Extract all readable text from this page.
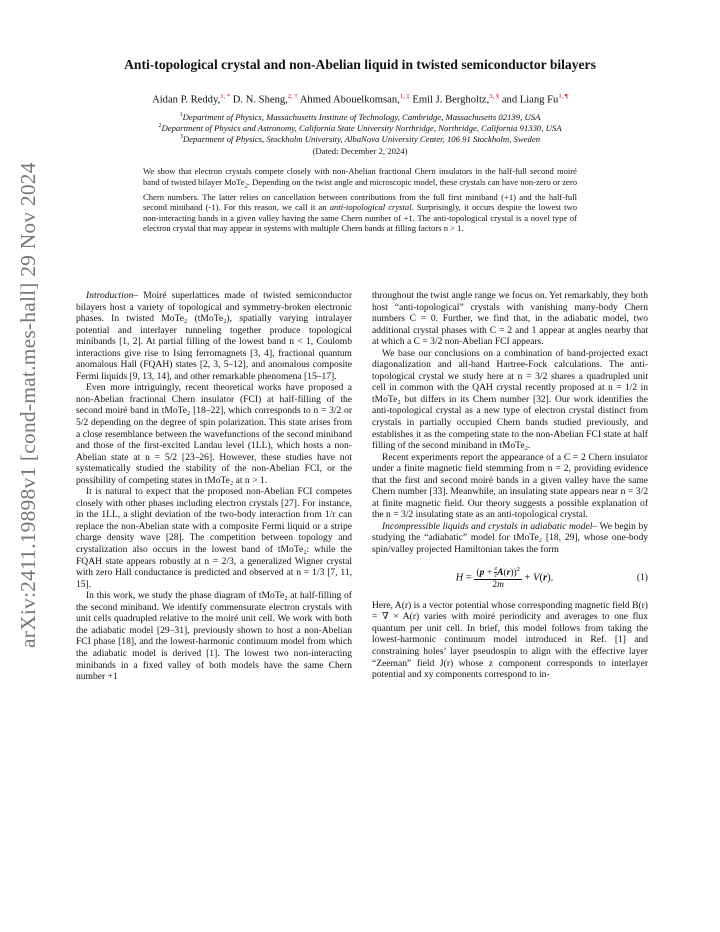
arXiv:2411.19898v1 [cond-mat.mes-hall] 29 Nov 2024
Anti-topological crystal and non-Abelian liquid in twisted semiconductor bilayers
Aidan P. Reddy,$^{1, *}$ D. N. Sheng,$^{2, \dagger}$ Ahmed Abouelkomsan,$^{1, \ddagger}$ Emil J. Bergholtz,$^{3, \S}$ and Liang $Fu^{1, \P}$
$^1$Department of Physics, Massachusetts Institute of Technology, Cambridge, Massachusetts 02139, USA
$^2$Department of Physics and Astronomy, California State University Northridge, Northridge, California 91330, USA
$^3$Department of Physics, Stockholm University, AlbaNova University Center, 106 91 Stockholm, Sweden
(Dated: December 2, 2024)
We show that electron crystals compete closely with non-Abelian fractional Chern insulators in the half-full second moiré band of twisted bilayer MoTe$_2$. Depending on the twist angle and microscopic model, these crystals can have non-zero or zero Chern numbers. The latter relies on cancellation between contributions from the full first miniband (+1) and the half-full second miniband (-1). For this reason, we call it an anti-topological crystal. Surprisingly, it occurs despite the lowest two non-interacting bands in a given valley having the same Chern number of +1. The anti-topological crystal is a novel type of electron crystal that may appear in systems with multiple Chern bands at filling factors n > 1.

Introduction– Moiré superlattices made of twisted semiconductor bilayers host a variety of topological and symmetry-broken electronic phases. In twisted MoTe₂ (tMoTe₂), spatially varying intralayer potential and interlayer tunneling together produce topological minibands [1, 2]. At partial filling of the lowest band n < 1, Coulomb interactions give rise to Ising ferromagnets [3, 4], fractional quantum anomalous Hall (FQAH) states [2, 3, 5–12], and anomalous composite Fermi liquids [9, 13, 14], and other remarkable phenomena [15–17].

Even more intriguingly, recent theoretical works have proposed a non-Abelian fractional Chern insulator (FCI) at half-filling of the second moiré band in tMoTe₂ [18–22], which corresponds to n = 3/2 or 5/2 depending on the degree of spin polarization. This state arises from a close resemblance between the wavefunctions of the second miniband and those of the first-excited Landau level (1LL), which hosts a non-Abelian state at n = 5/2 [23–26]. However, these studies have not systematically studied the stability of the non-Abelian FCI, or the possibility of competing states in tMoTe₂ at n > 1.

It is natural to expect that the proposed non-Abelian FCI competes closely with other phases including electron crystals [27]. For instance, in the 1LL, a slight deviation of the two-body interaction from 1/r can replace the non-Abelian state with a composite Fermi liquid or a stripe charge density wave [28]. The competition between topology and crystalization also occurs in the lowest band of tMoTe₂: while the FQAH state appears robustly at n = 2/3, a generalized Wigner crystal with zero Hall conductance is predicted and observed at n = 1/3 [7, 11, 15].

In this work, we study the phase diagram of tMoTe₂ at half-filling of the second miniband. We identify commensurate electron crystals with unit cells quadrupled relative to the moiré unit cell. We work with both the adiabatic model [29–31], previously shown to host a non-Abelian FCI phase [18], and the lowest-harmonic continuum model from which the adiabatic model is derived [1]. The lowest two non-interacting minibands in a fixed valley of both models have the same Chern number +1

throughout the twist angle range we focus on. Yet remarkably, they both host “anti-topological” crystals with vanishing many-body Chern numbers C = 0. Further, we find that, in the adiabatic model, two additional crystal phases with C = 2 and 1 appear at angles nearby that at which a C = 3/2 non-Abelian FCI appears.

We base our conclusions on a combination of band-projected exact diagonalization and all-band Hartree-Fock calculations. The anti-topological crystal we study here at n = 3/2 shares a quadrupled unit cell in common with the QAH crystal recently proposed at n = 1/2 in tMoTe₂ but differs in its Chern number [32]. Our work identifies the anti-topological crystal as a new type of electron crystal distinct from crystals in partially occupied Chern bands studied previously, and establishes it as the competing state to the non-Abelian FCI state at half filling of the second miniband in tMoTe₂.

Recent experiments report the appearance of a C = 2 Chern insulator under a finite magnetic field stemming from n = 2, providing evidence that the first and second moiré bands in a given valley have the same Chern number [33]. Meanwhile, an insulating state appears near n = 3/2 at finite magnetic field. Our theory suggests a possible explanation of the n = 3/2 insulating state as an anti-topological crystal.

Incompressible liquids and crystals in adiabatic model– We begin by studying the “adiabatic” model for tMoTe₂ [18, 29], whose one-body spin/valley projected Hamiltonian takes the form

$H = \frac{(p + \frac{e}{c} A(r))^2}{2m} + V(r)$.	(1)

Here, A(r) is a vector potential whose corresponding magnetic field B(r) = ∇ × A(r) varies with moiré periodicity and averages to one flux quantum per unit cell. In brief, this model follows from taking the lowest-harmonic continuum model introduced in Ref. [1] and constraining holes’ layer pseudospin to align with the effective layer “Zeeman” field J(r) whose z component corresponds to interlayer potential and xy components correspond to in-
